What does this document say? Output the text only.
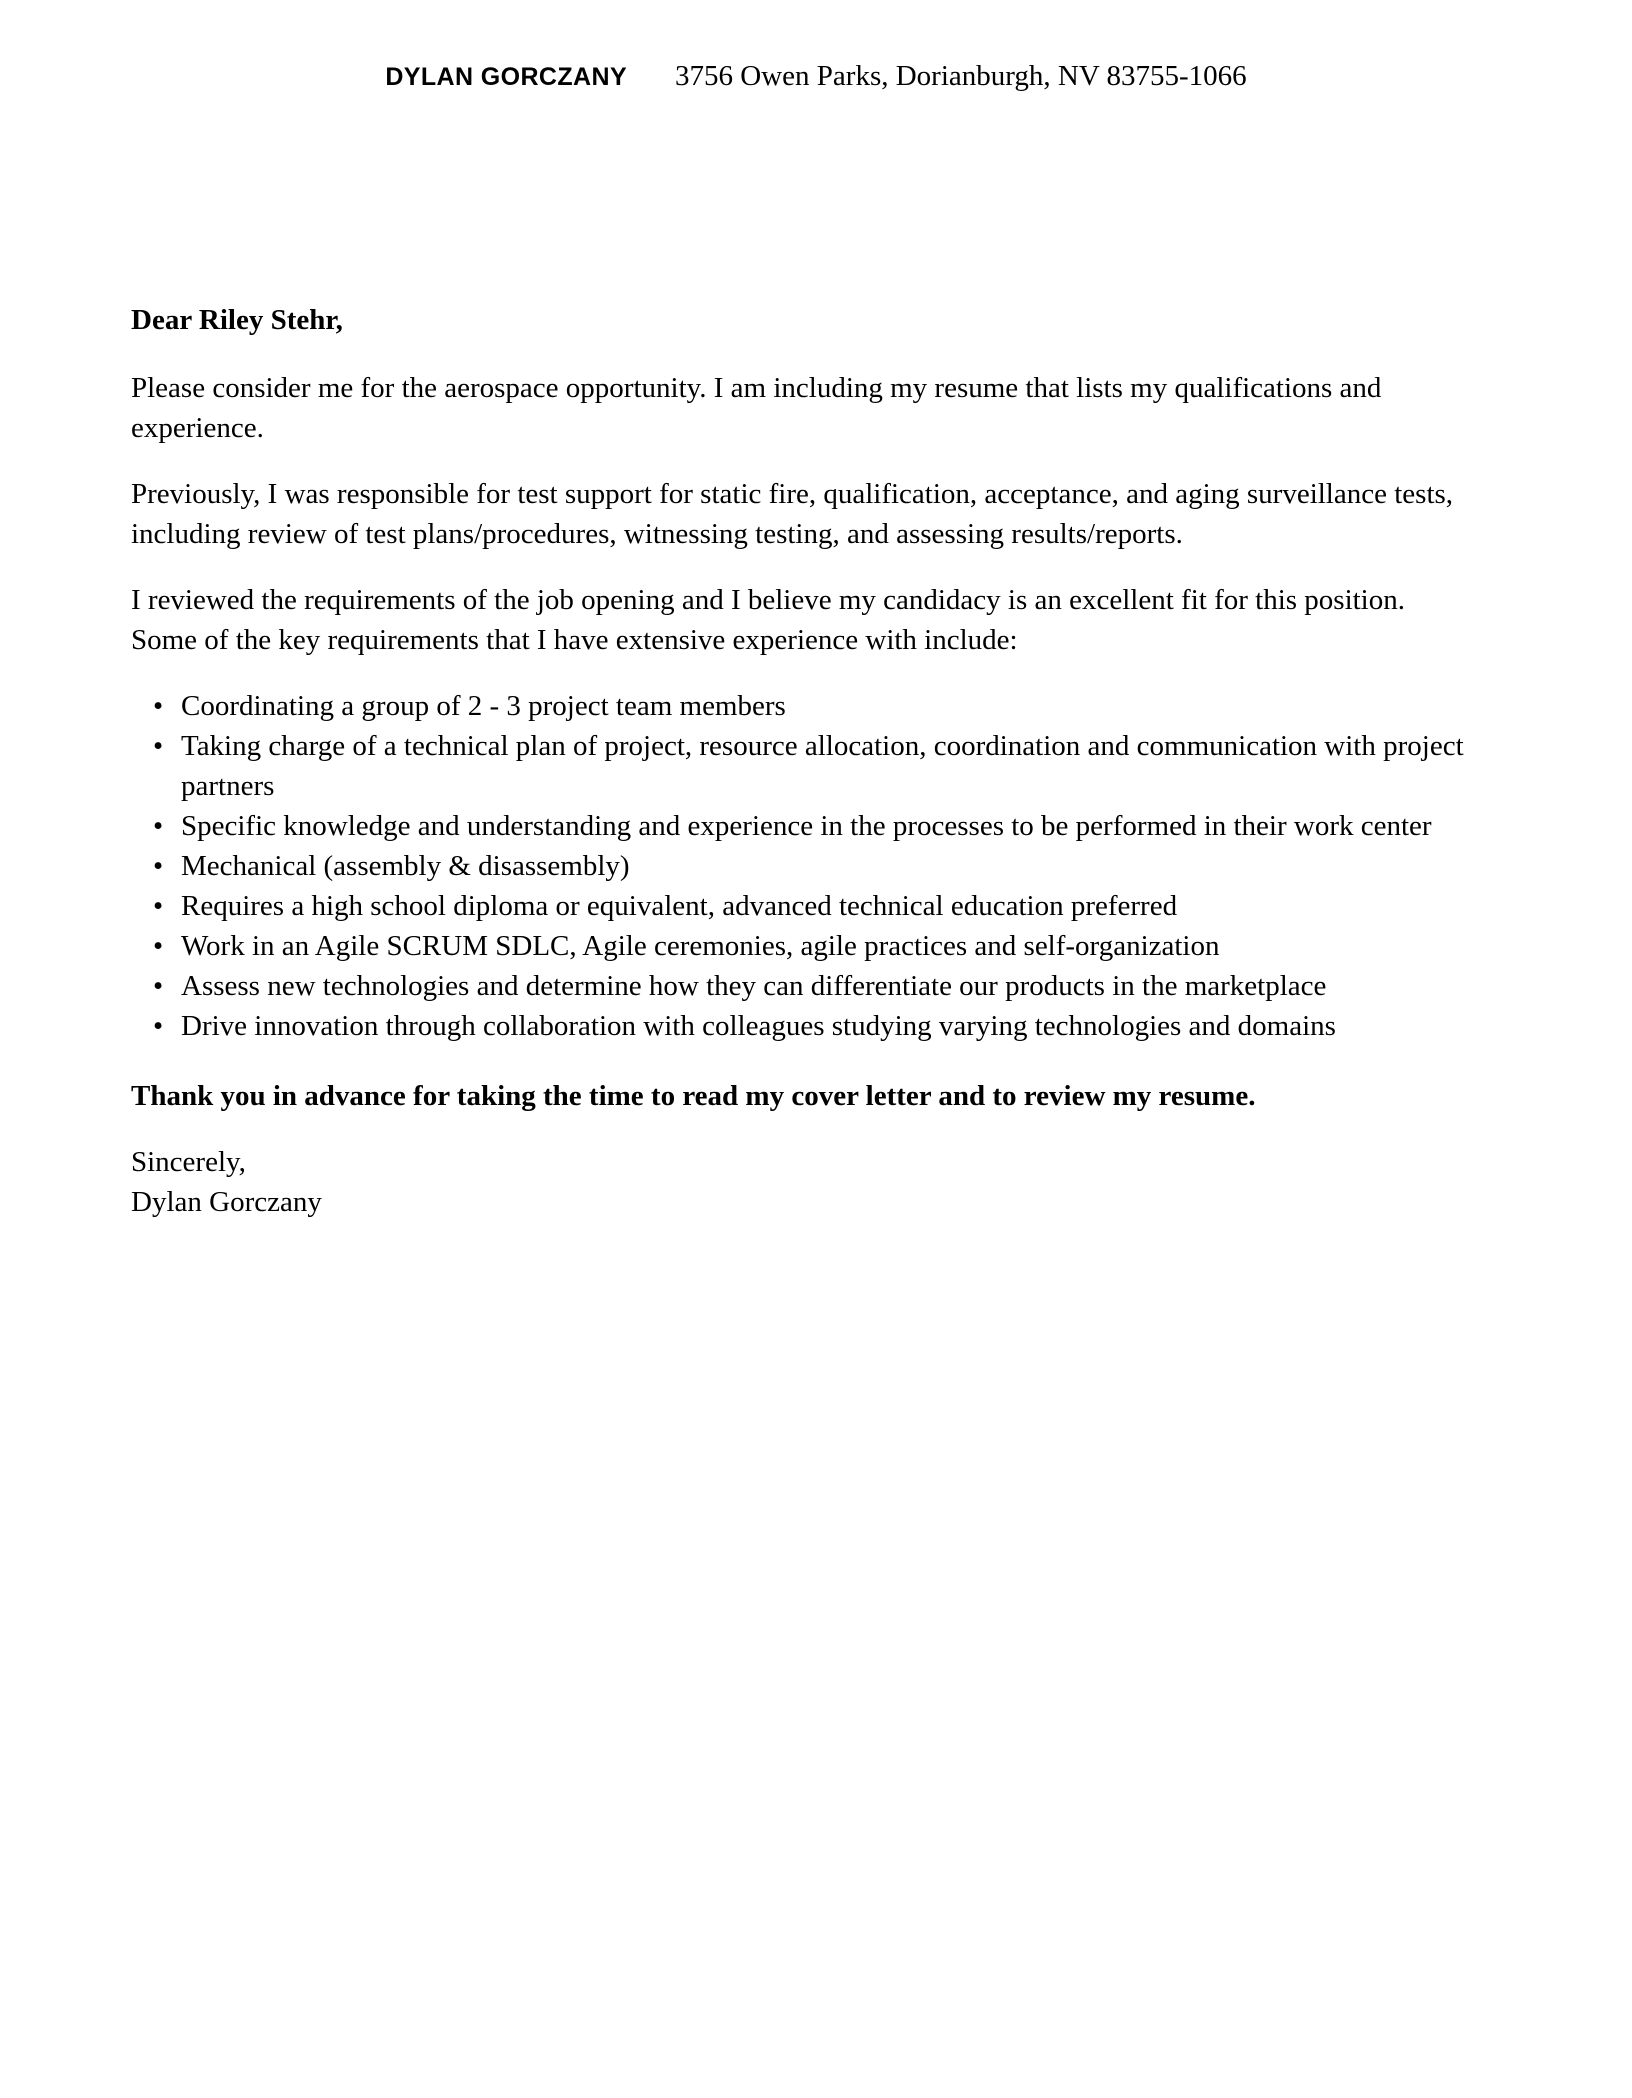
DYLAN GORCZANY 3756 Owen Parks, Dorianburgh, NV 83755-1066

Dear Riley Stehr,

Please consider me for the aerospace opportunity. I am including my resume that lists my qualifications and experience.

Previously, I was responsible for test support for static fire, qualification, acceptance, and aging surveillance tests, including review of test plans/procedures, witnessing testing, and assessing results/reports.

I reviewed the requirements of the job opening and I believe my candidacy is an excellent fit for this position. Some of the key requirements that I have extensive experience with include:

• Coordinating a group of 2 - 3 project team members
• Taking charge of a technical plan of project, resource allocation, coordination and communication with project partners
• Specific knowledge and understanding and experience in the processes to be performed in their work center
• Mechanical (assembly & disassembly)
• Requires a high school diploma or equivalent, advanced technical education preferred
• Work in an Agile SCRUM SDLC, Agile ceremonies, agile practices and self-organization
• Assess new technologies and determine how they can differentiate our products in the marketplace
• Drive innovation through collaboration with colleagues studying varying technologies and domains

Thank you in advance for taking the time to read my cover letter and to review my resume.

Sincerely,
Dylan Gorczany
